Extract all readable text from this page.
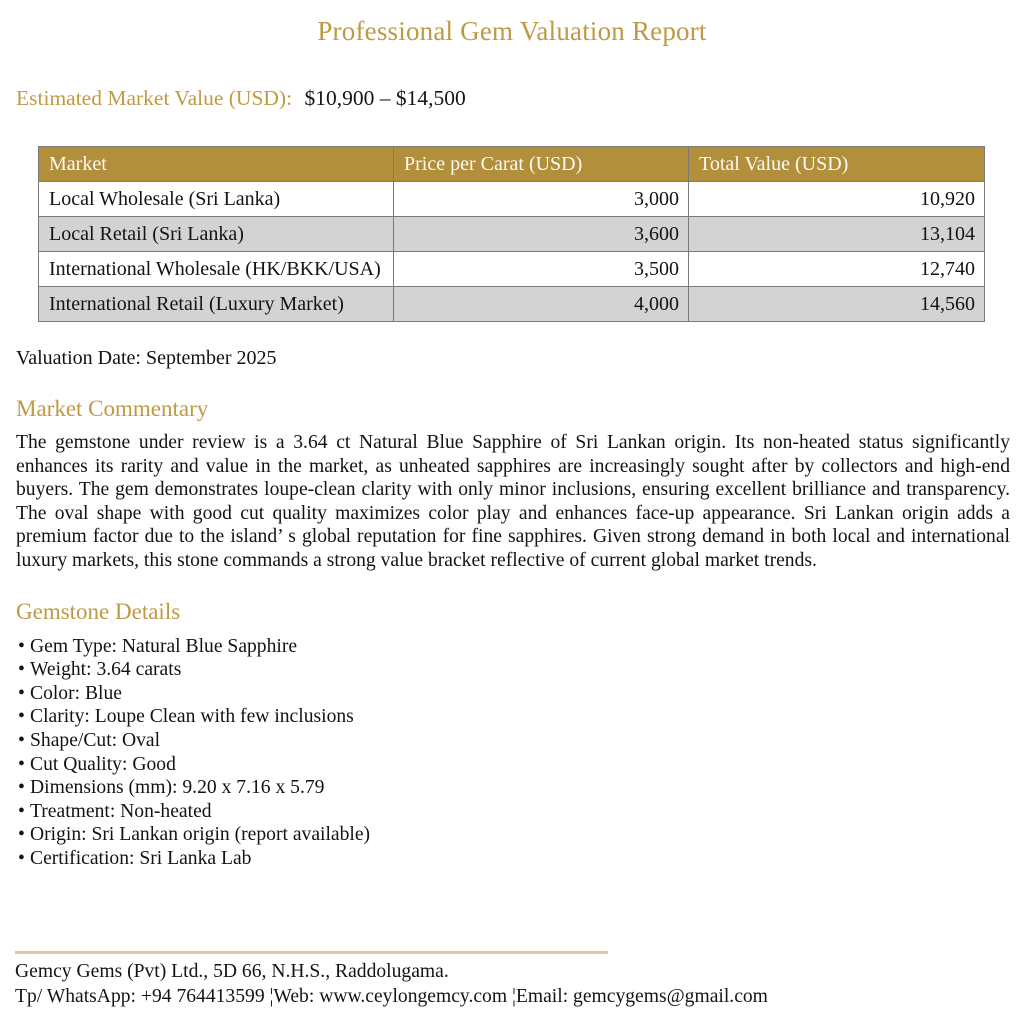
Professional Gem Valuation Report
Estimated Market Value (USD): $10,900 – $14,500
Market	Price per Carat (USD)	Total Value (USD)
Local Wholesale (Sri Lanka)	3,000	10,920
Local Retail (Sri Lanka)	3,600	13,104
International Wholesale (HK/BKK/USA)	3,500	12,740
International Retail (Luxury Market)	4,000	14,560
Valuation Date: September 2025
Market Commentary

The gemstone under review is a 3.64 ct Natural Blue Sapphire of Sri Lankan origin. Its non-heated status significantly enhances its rarity and value in the market, as unheated sapphires are increasingly sought after by collectors and high-end buyers. The gem demonstrates loupe-clean clarity with only minor inclusions, ensuring excellent brilliance and transparency. The oval shape with good cut quality maximizes color play and enhances face-up appearance. Sri Lankan origin adds a premium factor due to the island’ s global reputation for fine sapphires. Given strong demand in both local and international luxury markets, this stone commands a strong value bracket reflective of current global market trends.

Gemstone Details
• Gem Type: Natural Blue Sapphire
• Weight: 3.64 carats
• Color: Blue
• Clarity: Loupe Clean with few inclusions
• Shape/Cut: Oval
• Cut Quality: Good
• Dimensions (mm): 9.20 x 7.16 x 5.79
• Treatment: Non-heated
• Origin: Sri Lankan origin (report available)
• Certification: Sri Lanka Lab
Gemcy Gems (Pvt) Ltd., 5D 66, N.H.S., Raddolugama.
Tp/ WhatsApp: +94 764413599 ¦Web: www.ceylongemcy.com ¦Email: gemcygems@gmail.com
